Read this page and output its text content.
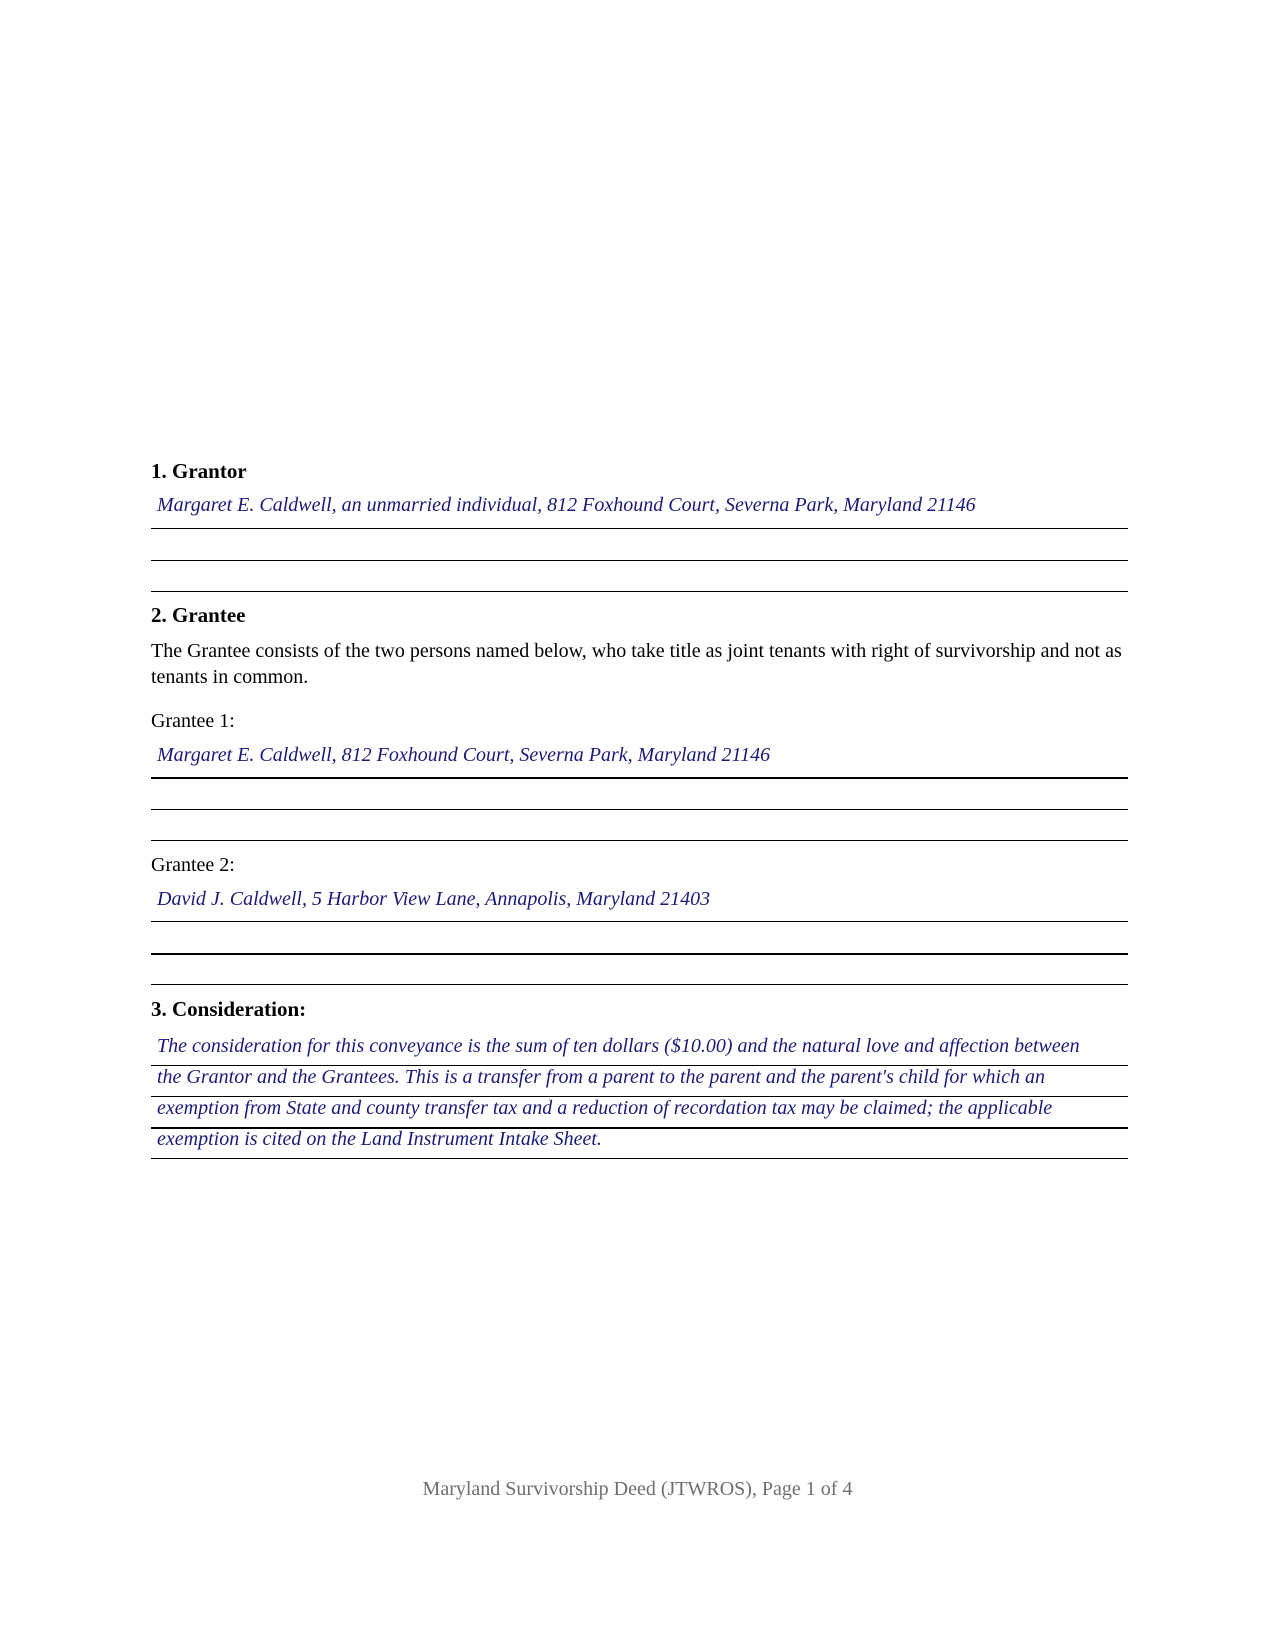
1. Grantor
Margaret E. Caldwell, an unmarried individual, 812 Foxhound Court, Severna Park, Maryland 21146
2. Grantee
The Grantee consists of the two persons named below, who take title as joint tenants with right of survivorship and not as tenants in common.
Grantee 1:
Margaret E. Caldwell, 812 Foxhound Court, Severna Park, Maryland 21146
Grantee 2:
David J. Caldwell, 5 Harbor View Lane, Annapolis, Maryland 21403
3. Consideration:
The consideration for this conveyance is the sum of ten dollars ($10.00) and the natural love and affection between
the Grantor and the Grantees. This is a transfer from a parent to the parent and the parent's child for which an
exemption from State and county transfer tax and a reduction of recordation tax may be claimed; the applicable
exemption is cited on the Land Instrument Intake Sheet.
Maryland Survivorship Deed (JTWROS), Page 1 of 4
